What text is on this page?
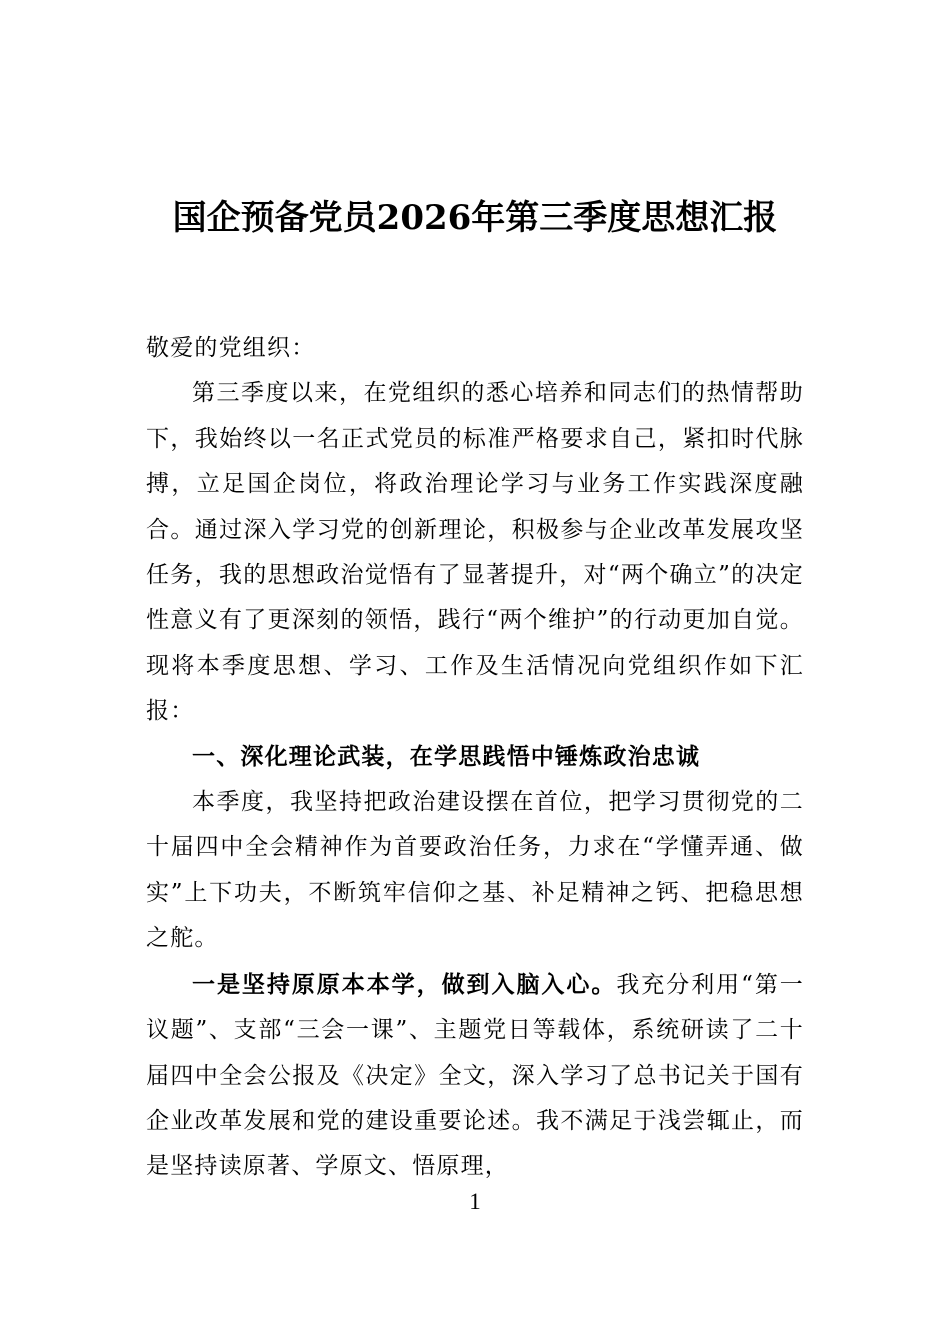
国企预备党员2026年第三季度思想汇报

敬爱的党组织：

第三季度以来，在党组织的悉心培养和同志们的热情帮助下，我始终以一名正式党员的标准严格要求自己，紧扣时代脉搏，立足国企岗位，将政治理论学习与业务工作实践深度融合。通过深入学习党的创新理论，积极参与企业改革发展攻坚任务，我的思想政治觉悟有了显著提升，对“两个确立”的决定性意义有了更深刻的领悟，践行“两个维护”的行动更加自觉。现将本季度思想、学习、工作及生活情况向党组织作如下汇报：

一、深化理论武装，在学思践悟中锤炼政治忠诚

本季度，我坚持把政治建设摆在首位，把学习贯彻党的二十届四中全会精神作为首要政治任务，力求在“学懂弄通、做实”上下功夫，不断筑牢信仰之基、补足精神之钙、把稳思想之舵。

一是坚持原原本本学，做到入脑入心。我充分利用“第一议题”、支部“三会一课”、主题党日等载体，系统研读了二十届四中全会公报及《决定》全文，深入学习了总书记关于国有企业改革发展和党的建设重要论述。我不满足于浅尝辄止，而是坚持读原著、学原文、悟原理，

1
